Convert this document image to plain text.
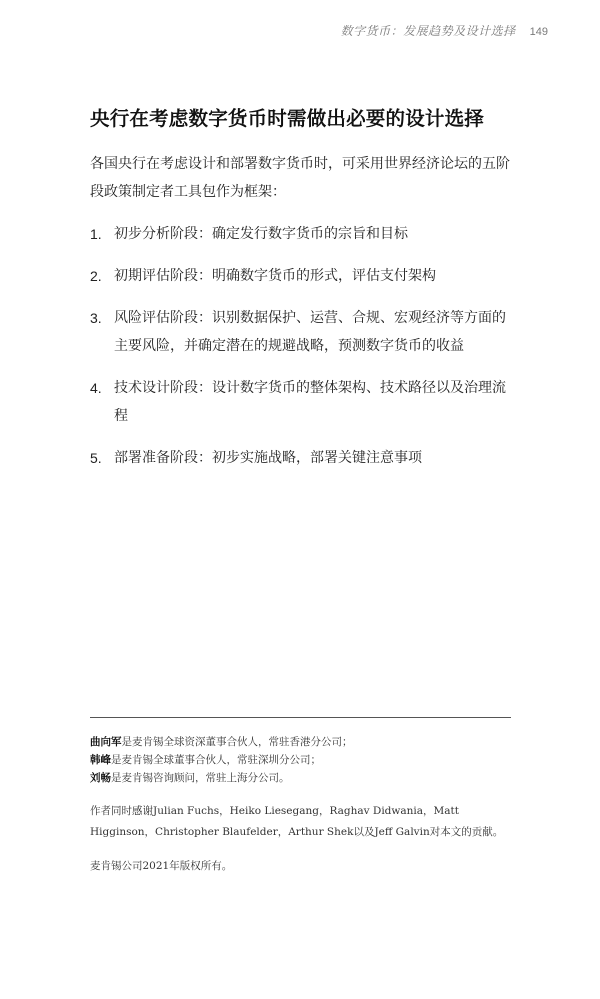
数字货币：发展趋势及设计选择 149
央行在考虑数字货币时需做出必要的设计选择

各国央行在考虑设计和部署数字货币时，可采用世界经济论坛的五阶段政策制定者工具包作为框架：

1. 初步分析阶段：确定发行数字货币的宗旨和目标
2. 初期评估阶段：明确数字货币的形式，评估支付架构
3. 风险评估阶段：识别数据保护、运营、合规、宏观经济等方面的主要风险，并确定潜在的规避战略，预测数字货币的收益
4. 技术设计阶段：设计数字货币的整体架构、技术路径以及治理流程
5. 部署准备阶段：初步实施战略，部署关键注意事项

曲向军是麦肯锡全球资深董事合伙人，常驻香港分公司；

韩峰是麦肯锡全球董事合伙人，常驻深圳分公司；

刘畅是麦肯锡咨询顾问，常驻上海分公司。

作者同时感谢Julian Fuchs，Heiko Liesegang，Raghav Didwania，Matt Higginson，Christopher Blaufelder，Arthur Shek以及Jeff Galvin对本文的贡献。

麦肯锡公司2021年版权所有。
